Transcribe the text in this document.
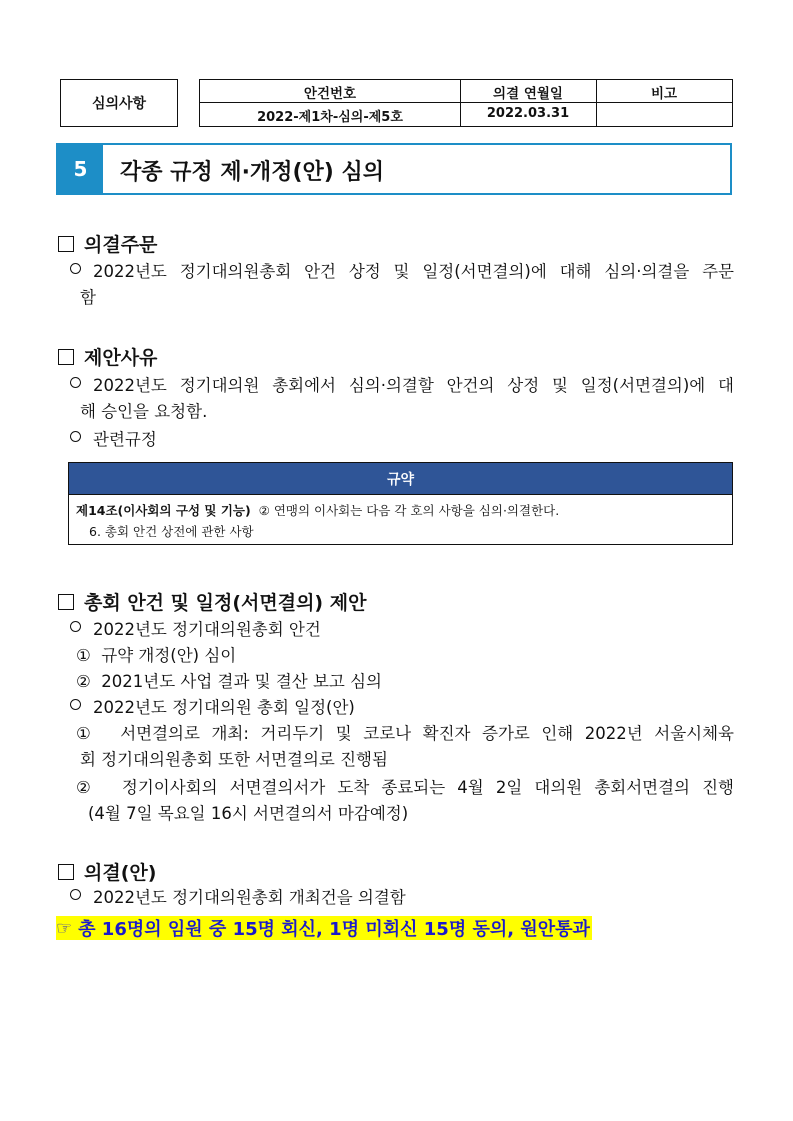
심의사항
안건번호	의결 연월일	비고
2022-제1차-심의-제5호	2022.03.31
5	각종 규정 제·개정(안) 심의
의결주문
2022년도 정기대의원총회 안건 상정 및 일정(서면결의)에 대해 심의·의결을 주문
함
제안사유
2022년도 정기대의원 총회에서 심의·의결할 안건의 상정 및 일정(서면결의)에 대
해 승인을 요청함.
관련규정
규약
제14조(이사회의 구성 및 기능) ② 연맹의 이사회는 다음 각 호의 사항을 심의·의결한다.
6. 총회 안건 상전에 관한 사항
총회 안건 및 일정(서면결의) 제안
2022년도 정기대의원총회 안건
① 규약 개정(안) 심이
② 2021년도 사업 결과 및 결산 보고 심의
2022년도 정기대의원 총회 일정(안)
① 서면결의로 개최: 거리두기 및 코로나 확진자 증가로 인해 2022년 서울시체육
회 정기대의원총회 또한 서면결의로 진행됨
② 정기이사회의 서면결의서가 도착 종료되는 4월 2일 대의원 총회서면결의 진행
(4월 7일 목요일 16시 서면결의서 마감예정)
의결(안)
2022년도 정기대의원총회 개최건을 의결함
☞ 총 16명의 임원 중 15명 회신, 1명 미회신 15명 동의, 원안통과
